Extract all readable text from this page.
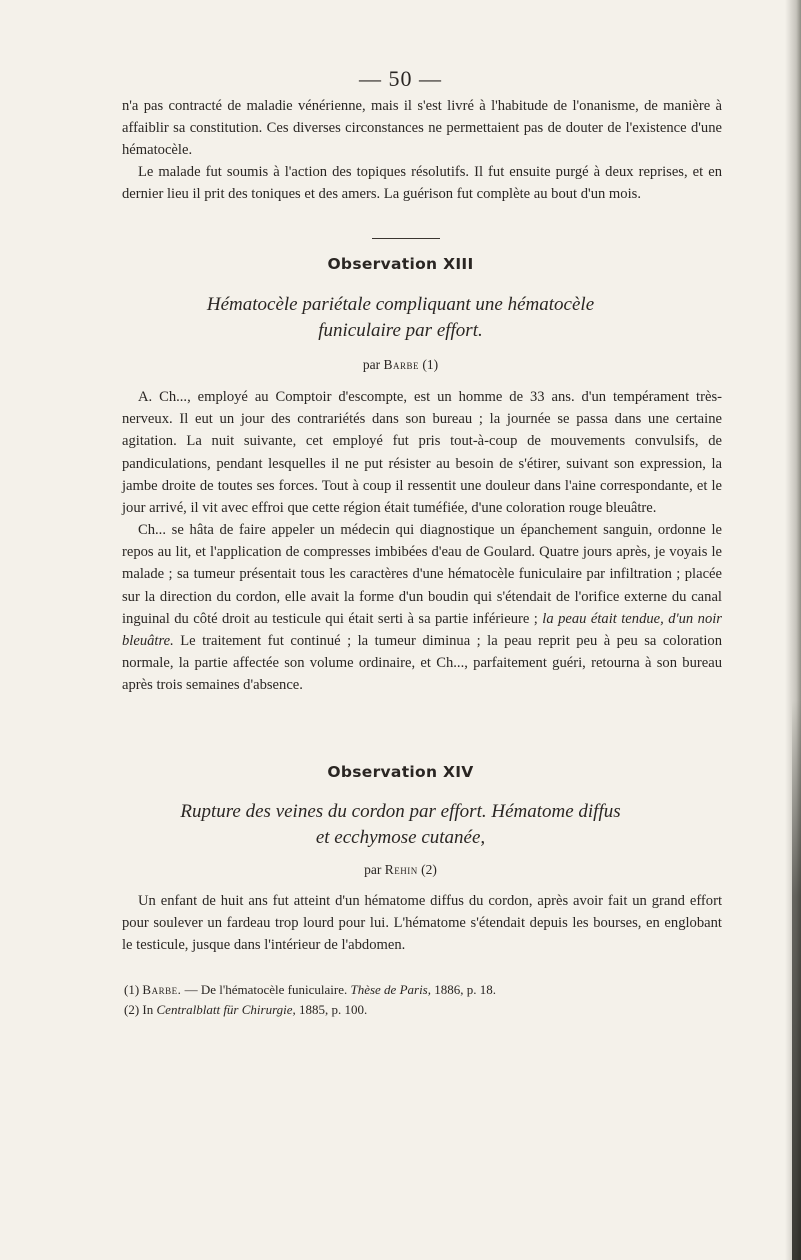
— 50 —

n'a pas contracté de maladie vénérienne, mais il s'est livré à l'habitude de l'onanisme, de manière à affaiblir sa constitution. Ces diverses circonstances ne permettaient pas de douter de l'existence d'une hématocèle.

Le malade fut soumis à l'action des topiques résolutifs. Il fut ensuite purgé à deux reprises, et en dernier lieu il prit des toniques et des amers. La guérison fut complète au bout d'un mois.

Observation XIII
Hématocèle pariétale compliquant une hématocèle
funiculaire par effort.
par Barbe (1)

A. Ch..., employé au Comptoir d'escompte, est un homme de 33 ans. d'un tempérament très-nerveux. Il eut un jour des contrariétés dans son bureau ; la journée se passa dans une certaine agitation. La nuit suivante, cet employé fut pris tout-à-coup de mouvements convulsifs, de pandiculations, pendant lesquelles il ne put résister au besoin de s'étirer, suivant son expression, la jambe droite de toutes ses forces. Tout à coup il ressentit une douleur dans l'aine correspondante, et le jour arrivé, il vit avec effroi que cette région était tuméfiée, d'une coloration rouge bleuâtre.

Ch... se hâta de faire appeler un médecin qui diagnostique un épanchement sanguin, ordonne le repos au lit, et l'application de compresses imbibées d'eau de Goulard. Quatre jours après, je voyais le malade ; sa tumeur présentait tous les caractères d'une hématocèle funiculaire par infiltration ; placée sur la direction du cordon, elle avait la forme d'un boudin qui s'étendait de l'orifice externe du canal inguinal du côté droit au testicule qui était serti à sa partie inférieure ; la peau était tendue, d'un noir bleuâtre. Le traitement fut continué ; la tumeur diminua ; la peau reprit peu à peu sa coloration normale, la partie affectée son volume ordinaire, et Ch..., parfaitement guéri, retourna à son bureau après trois semaines d'absence.

Observation XIV
Rupture des veines du cordon par effort. Hématome diffus
et ecchymose cutanée,
par Rehin (2)

Un enfant de huit ans fut atteint d'un hématome diffus du cordon, après avoir fait un grand effort pour soulever un fardeau trop lourd pour lui. L'hématome s'étendait depuis les bourses, en englobant le testicule, jusque dans l'intérieur de l'abdomen.

(1) Barbe. — De l'hématocèle funiculaire. Thèse de Paris, 1886, p. 18.
(2) In Centralblatt für Chirurgie, 1885, p. 100.
